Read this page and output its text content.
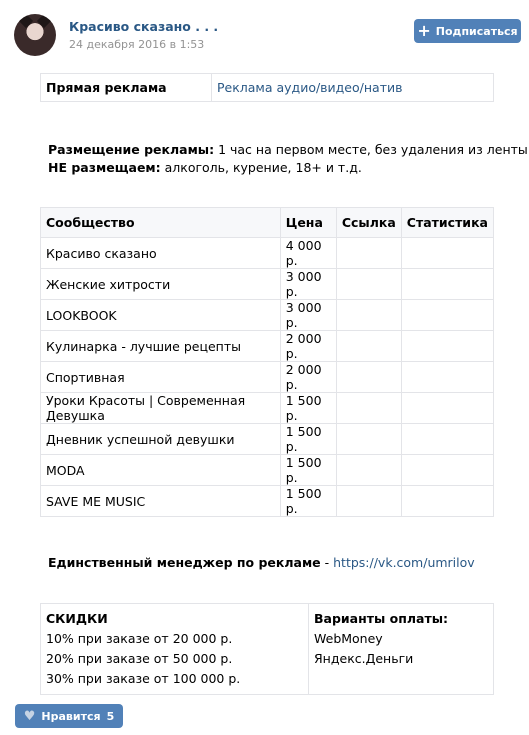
Красиво сказано . . .
24 декабря 2016 в 1:53
+ Подписаться
Прямая реклама	Реклама аудио/видео/натив
Размещение рекламы: 1 час на первом месте, без удаления из ленты
НЕ размещаем: алкоголь, курение, 18+ и т.д.
Сообщество	Цена	Ссылка	Статистика
Красиво сказано	4 000 р.		
Женские хитрости	3 000 р.		
LOOKBOOK	3 000 р.		
Кулинарка - лучшие рецепты	2 000 р.		
Спортивная	2 000 р.		
Уроки Красоты | Современная Девушка	1 500 р.		
Дневник успешной девушки	1 500 р.		
MODA	1 500 р.		
SAVE ME MUSIC	1 500 р.		
Единственный менеджер по рекламе - https://vk.com/umrilov
СКИДКИ
10% при заказе от 20 000 р.
20% при заказе от 50 000 р.
30% при заказе от 100 000 р.

Варианты оплаты:
WebMoney
Яндекс.Деньги
♥ Нравится 5
